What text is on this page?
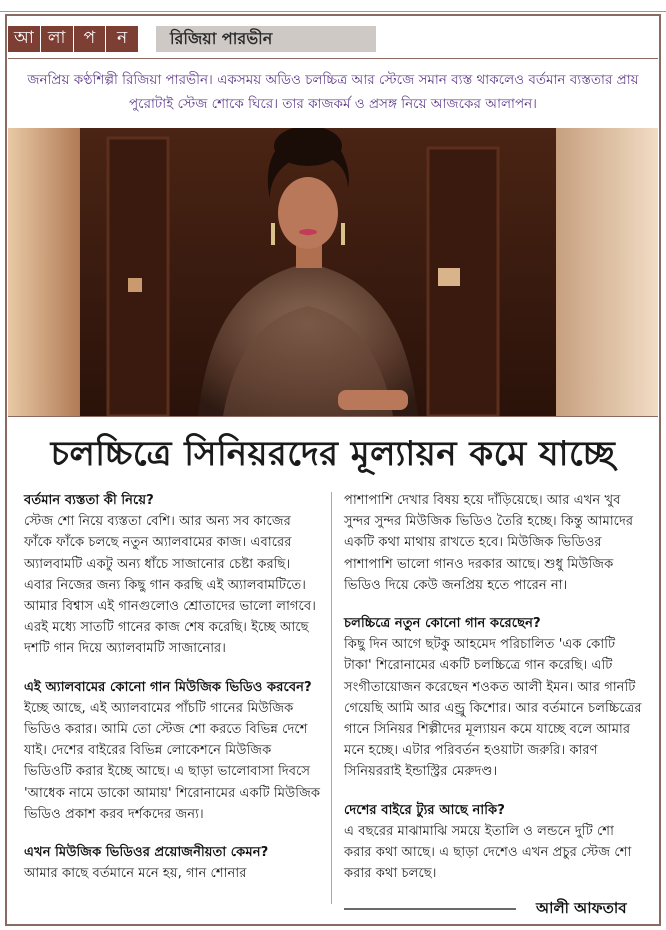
আ লা	প	ন	রিজিয়া পারভীন

জনপ্রিয় কণ্ঠশিল্পী রিজিয়া পারভীন। একসময় অডিও চলচ্চিত্র আর স্টেজে সমান ব্যস্ত থাকলেও বর্তমান ব্যস্ততার প্রায় পুরোটাই স্টেজ শোকে ঘিরে। তার কাজকর্ম ও প্রসঙ্গ নিয়ে আজকের আলাপন।

চলচ্চিত্রে সিনিয়রদের মূল্যায়ন কমে যাচ্ছে
বর্তমান ব্যস্ততা কী নিয়ে?
স্টেজ শো নিয়ে ব্যস্ততা বেশি। আর অন্য সব কাজের ফাঁকে ফাঁকে চলছে নতুন অ্যালবামের কাজ। এবারের অ্যালবামটি একটু অন্য ধাঁচে সাজানোর চেষ্টা করছি। এবার নিজের জন্য কিছু গান করছি এই অ্যালবামটিতে। আমার বিশ্বাস এই গানগুলোও শ্রোতাদের ভালো লাগবে। এরই মধ্যে সাতটি গানের কাজ শেষ করেছি। ইচ্ছে আছে দশটি গান দিয়ে অ্যালবামটি সাজানোর।
এই অ্যালবামের কোনো গান মিউজিক ভিডিও করবেন?
ইচ্ছে আছে, এই অ্যালবামের পাঁচটি গানের মিউজিক ভিডিও করার। আমি তো স্টেজ শো করতে বিভিন্ন দেশে যাই। দেশের বাইরের বিভিন্ন লোকেশনে মিউজিক ভিডিওটি করার ইচ্ছে আছে। এ ছাড়া ভালোবাসা দিবসে 'আধেক নামে ডাকো আমায়' শিরোনামের একটি মিউজিক ভিডিও প্রকাশ করব দর্শকদের জন্য।
এখন মিউজিক ভিডিওর প্রয়োজনীয়তা কেমন?
আমার কাছে বর্তমানে মনে হয়, গান শোনার
পাশাপাশি দেখার বিষয় হয়ে দাঁড়িয়েছে। আর এখন খুব সুন্দর সুন্দর মিউজিক ভিডিও তৈরি হচ্ছে। কিন্তু আমাদের একটি কথা মাথায় রাখতে হবে। মিউজিক ভিডিওর পাশাপাশি ভালো গানও দরকার আছে। শুধু মিউজিক ভিডিও দিয়ে কেউ জনপ্রিয় হতে পারেন না।
চলচ্চিত্রে নতুন কোনো গান করেছেন?
কিছু দিন আগে ছটকু আহমেদ পরিচালিত 'এক কোটি টাকা' শিরোনামের একটি চলচ্চিত্রে গান করেছি। এটি সংগীতায়োজন করেছেন শওকত আলী ইমন। আর গানটি গেয়েছি আমি আর এন্ড্রু কিশোর। আর বর্তমানে চলচ্চিত্রের গানে সিনিয়র শিল্পীদের মূল্যায়ন কমে যাচ্ছে বলে আমার মনে হচ্ছে। এটার পরিবর্তন হওয়াটা জরুরি। কারণ সিনিয়ররাই ইন্ডাস্ট্রির মেরুদণ্ড।
দেশের বাইরে ট্যুর আছে নাকি?
এ বছরের মাঝামাঝি সময়ে ইতালি ও লন্ডনে দুটি শো করার কথা আছে। এ ছাড়া দেশেও এখন প্রচুর স্টেজ শো করার কথা চলছে।
আলী আফতাব
